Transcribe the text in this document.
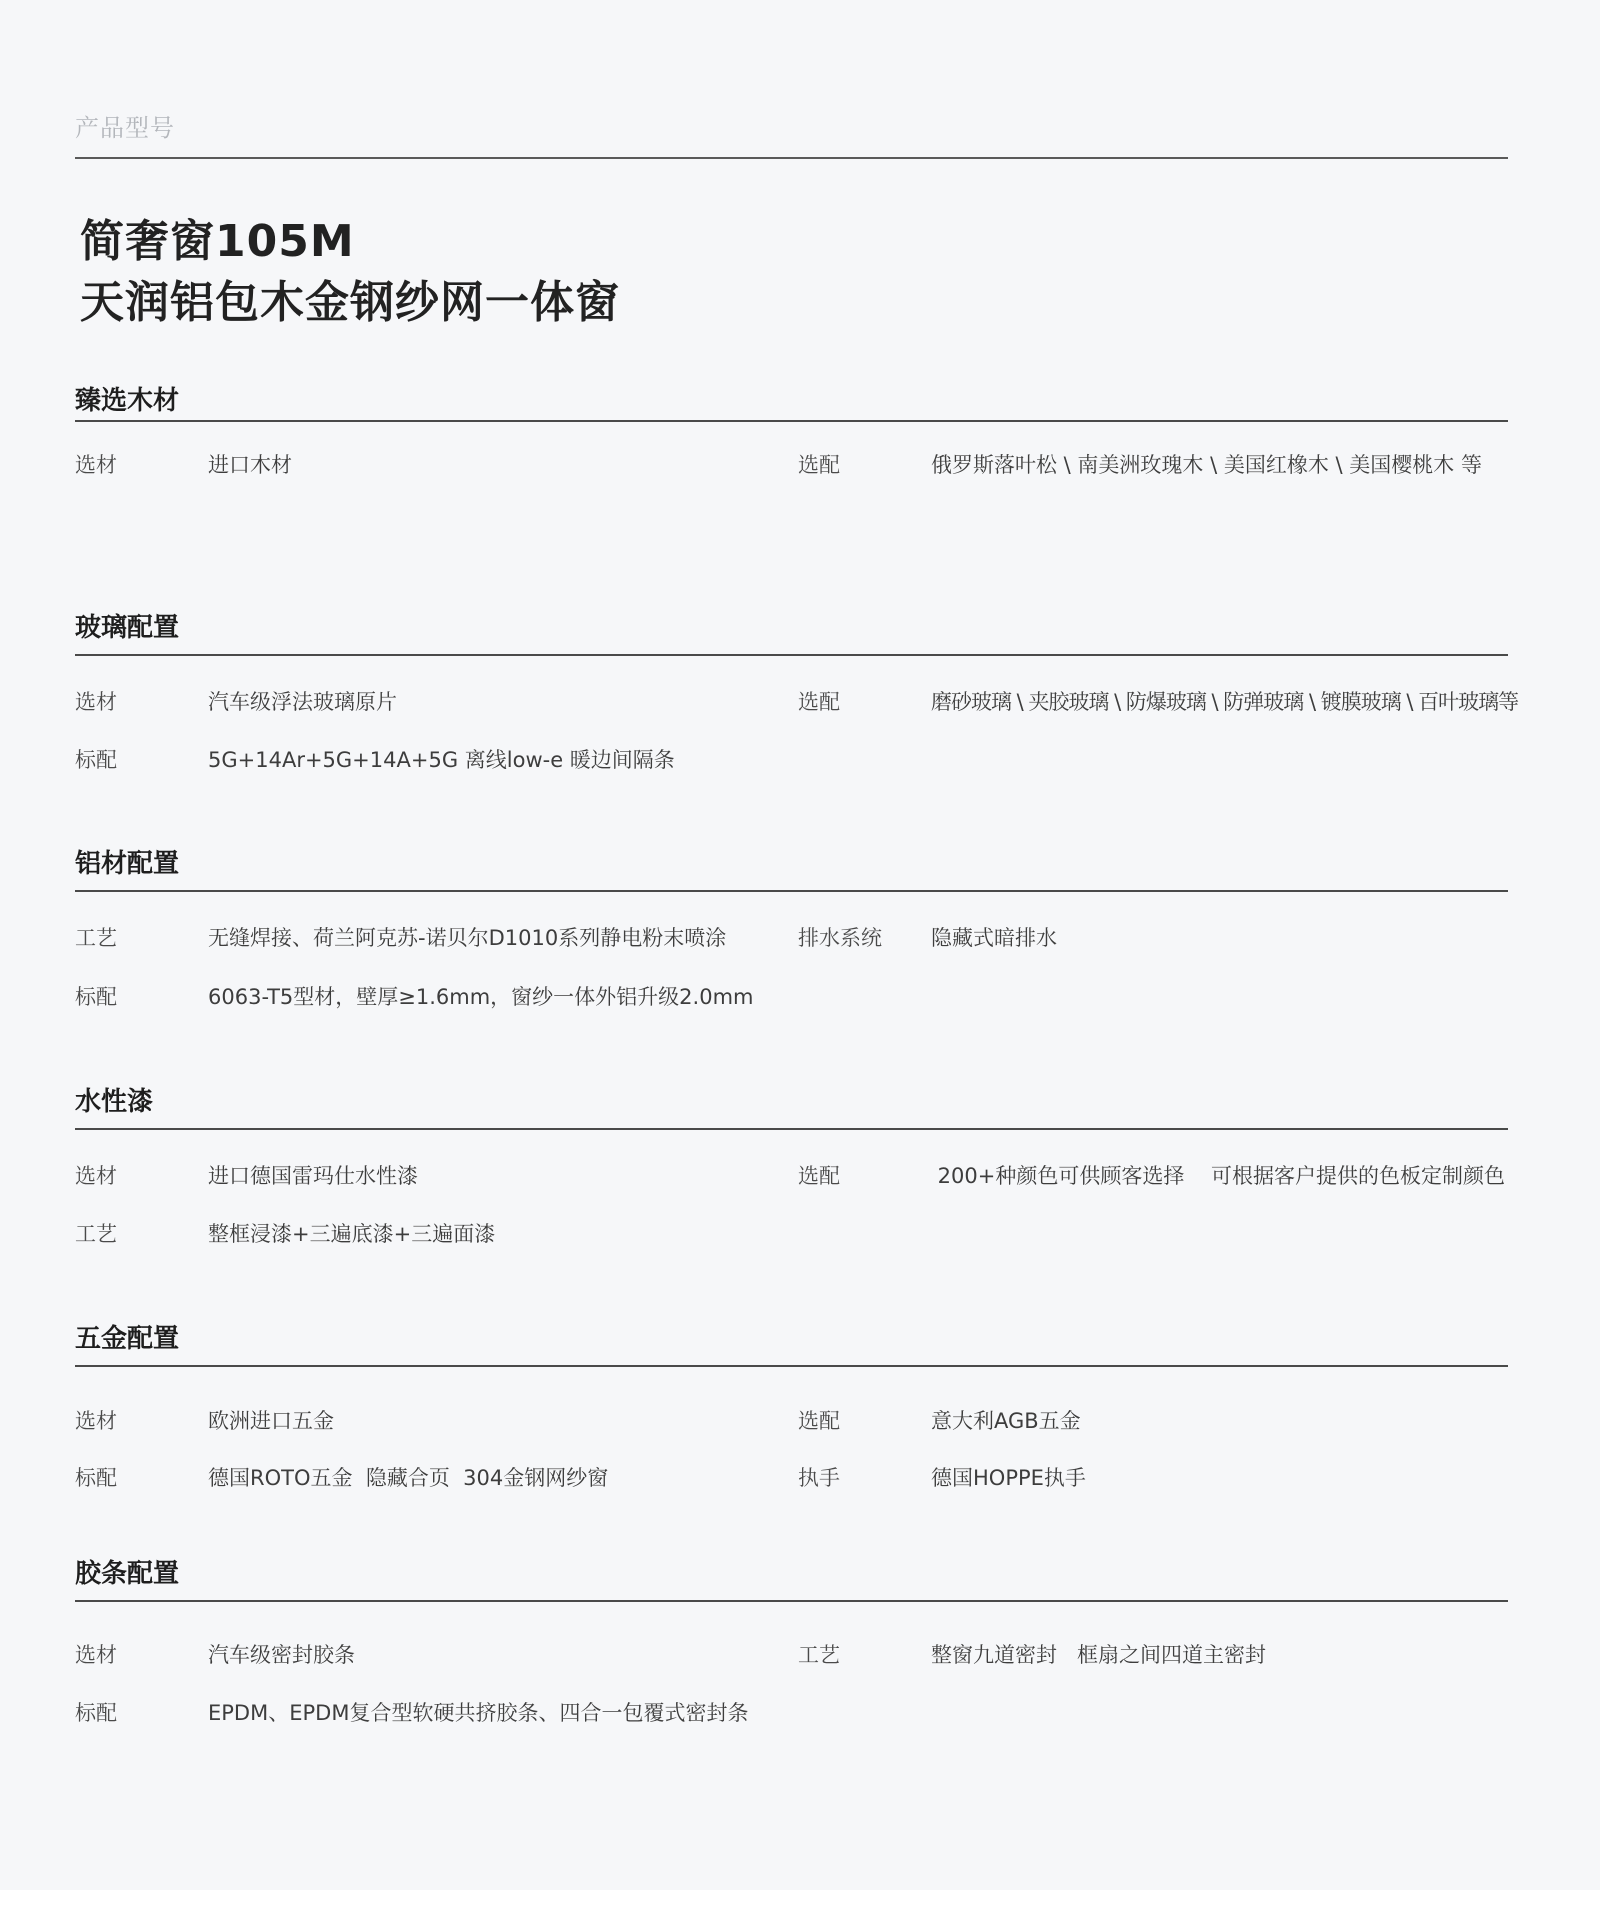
产品型号
简奢窗105M
天润铝包木金钢纱网一体窗
臻选木材
选材	进口木材	选配	俄罗斯落叶松 \ 南美洲玫瑰木 \ 美国红橡木 \ 美国樱桃木 等
玻璃配置
选材	汽车级浮法玻璃原片	选配	磨砂玻璃 \ 夹胶玻璃 \ 防爆玻璃 \ 防弹玻璃 \ 镀膜玻璃 \ 百叶玻璃等
标配	5G+14Ar+5G+14A+5G 离线low-e 暖边间隔条
铝材配置
工艺	无缝焊接、荷兰阿克苏-诺贝尔D1010系列静电粉末喷涂	排水系统 隐藏式暗排水
标配	6063-T5型材，壁厚≥1.6mm，窗纱一体外铝升级2.0mm
水性漆
选材	进口德国雷玛仕水性漆	选配	200+种颜色可供顾客选择    可根据客户提供的色板定制颜色
工艺	整框浸漆+三遍底漆+三遍面漆
五金配置
选材	欧洲进口五金	选配	意大利AGB五金
标配	德国ROTO五金  隐藏合页  304金钢网纱窗	执手	德国HOPPE执手
胶条配置
选材	汽车级密封胶条	工艺	整窗九道密封   框扇之间四道主密封
标配	EPDM、EPDM复合型软硬共挤胶条、四合一包覆式密封条
